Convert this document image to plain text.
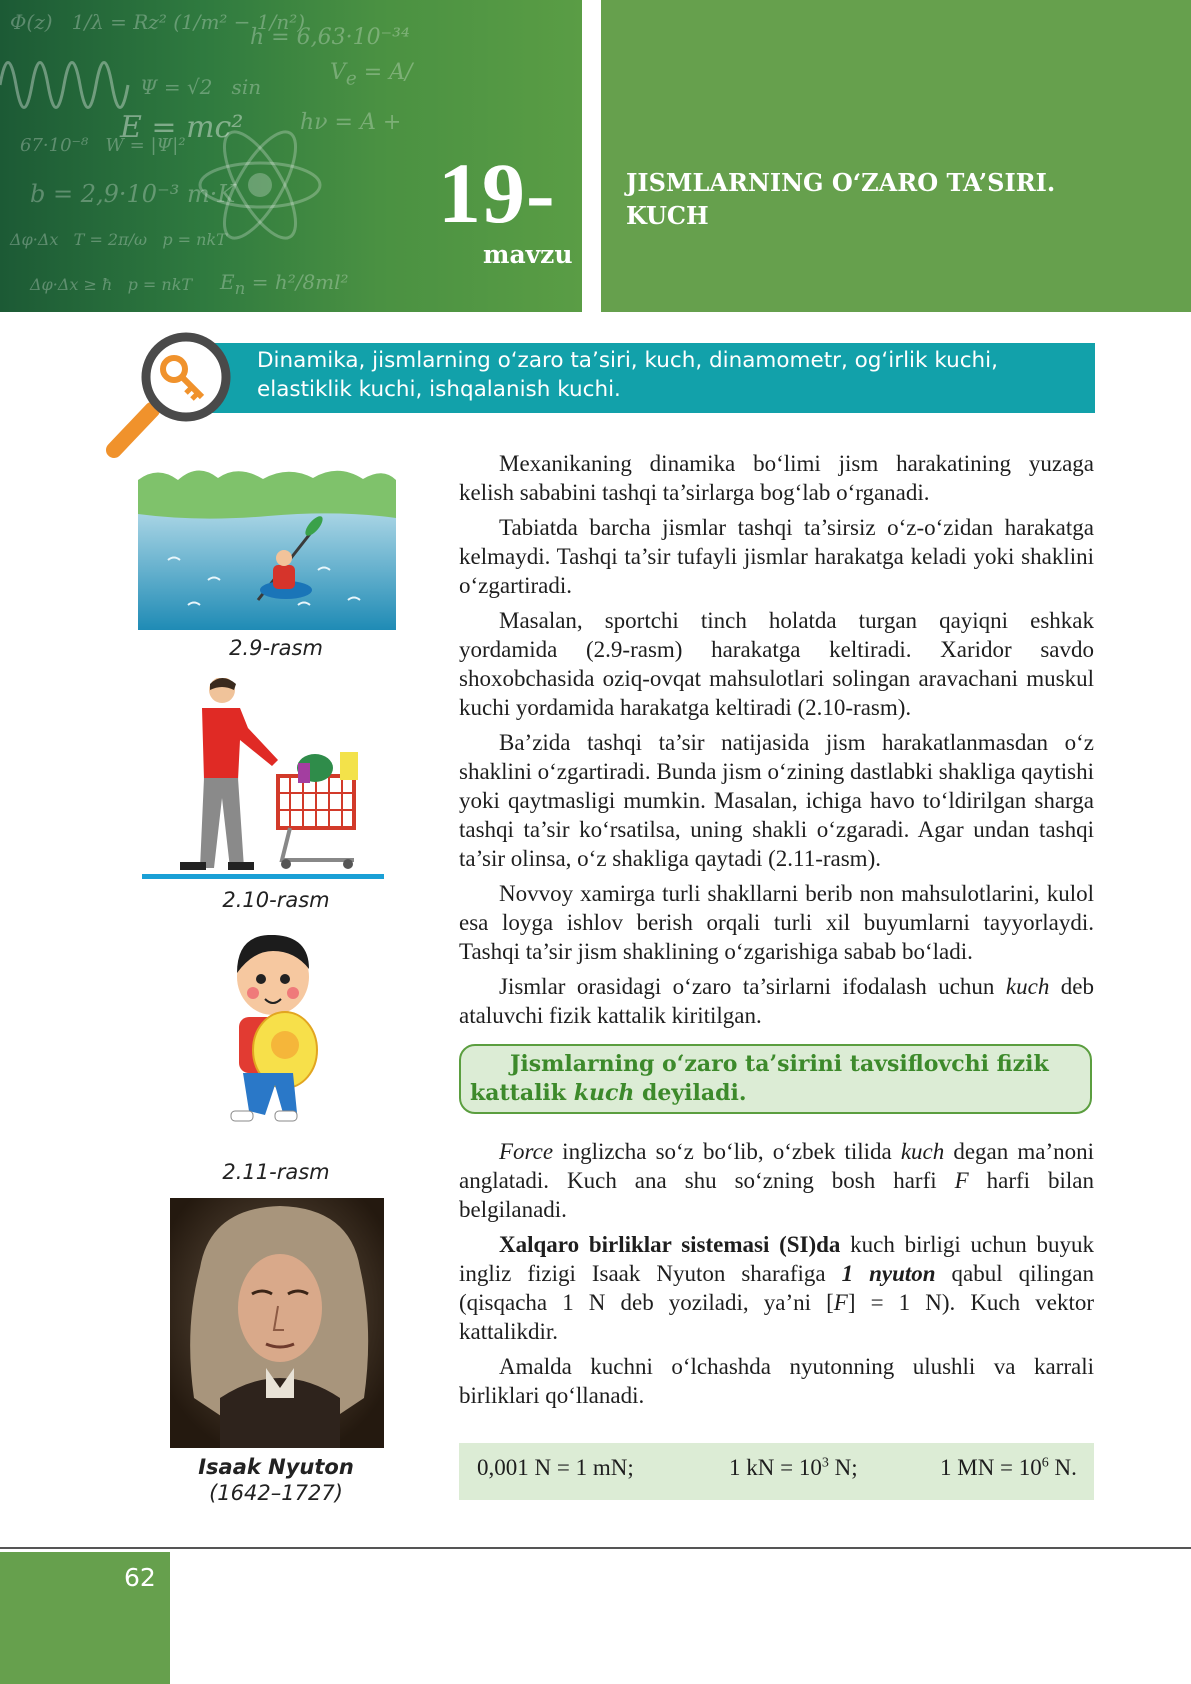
Φ(z)   1/λ = Rz² (1/m² − 1/n²)
h = 6,63·10⁻³⁴
Ψ = √2   sin
E = mc²
67·10⁻⁸   W = |Ψ|²
b = 2,9·10⁻³ m·K
hν = A +
$V_e = A/$
Δφ·Δx   T = 2π/ω   p = nkT
$E_n = h^2/8ml^2$
Δφ·Δx ≥ ħ   p = nkT
19-
mavzu
JISMLARNING O‘ZARO TA’SIRI.
KUCH
Dinamika, jismlarning o‘zaro ta’siri, kuch, dinamometr, og‘irlik kuchi, elastiklik kuchi, ishqalanish kuchi.
2.9-rasm
2.10-rasm
2.11-rasm
Isaak Nyuton
(1642–1727)

Mexanikaning dinamika bo‘limi jism harakatining yuzaga kelish sababini tashqi ta’sirlarga bog‘lab o‘rganadi.

Tabiatda barcha jismlar tashqi ta’sirsiz o‘z-o‘zidan harakatga kelmaydi. Tashqi ta’sir tufayli jismlar harakatga keladi yoki shaklini o‘zgartiradi.

Masalan, sportchi tinch holatda turgan qayiqni eshkak yordamida (2.9-rasm) harakatga keltiradi. Xaridor savdo shoxobchasida oziq-ovqat mahsulotlari solingan aravachani muskul kuchi yordamida harakatga keltiradi (2.10-rasm).

Ba’zida tashqi ta’sir natijasida jism harakatlanmasdan o‘z shaklini o‘zgartiradi. Bunda jism o‘zining dastlabki shakliga qaytishi yoki qaytmasligi mumkin. Masalan, ichiga havo to‘ldirilgan sharga tashqi ta’sir ko‘rsatilsa, uning shakli o‘zgaradi. Agar undan tashqi ta’sir olinsa, o‘z shakliga qaytadi (2.11-rasm).

Novvoy xamirga turli shakllarni berib non mahsulotlarini, kulol esa loyga ishlov berish orqali turli xil buyumlarni tayyorlaydi. Tashqi ta’sir jism shaklining o‘zgarishiga sabab bo‘ladi.

Jismlar orasidagi o‘zaro ta’sirlarni ifodalash uchun kuch deb ataluvchi fizik kattalik kiritilgan.

Jismlarning o‘zaro ta’sirini tavsiflovchi fizik kattalik kuch deyiladi.

Force inglizcha so‘z bo‘lib, o‘zbek tilida kuch degan ma’noni anglatadi. Kuch ana shu so‘zning bosh harfi F harfi bilan belgilanadi.

Xalqaro birliklar sistemasi (SI)da kuch birligi uchun buyuk ingliz fizigi Isaak Nyuton sharafiga 1 nyuton qabul qilingan (qisqacha 1 N deb yoziladi, ya’ni [F] = 1 N). Kuch vektor kattalikdir.

Amalda kuchni o‘lchashda nyutonning ulushli va karrali birliklari qo‘llanadi.

0,001 N = 1 mN;	1 kN = $10^3$ N;	1 MN = $10^6$ N.
62
